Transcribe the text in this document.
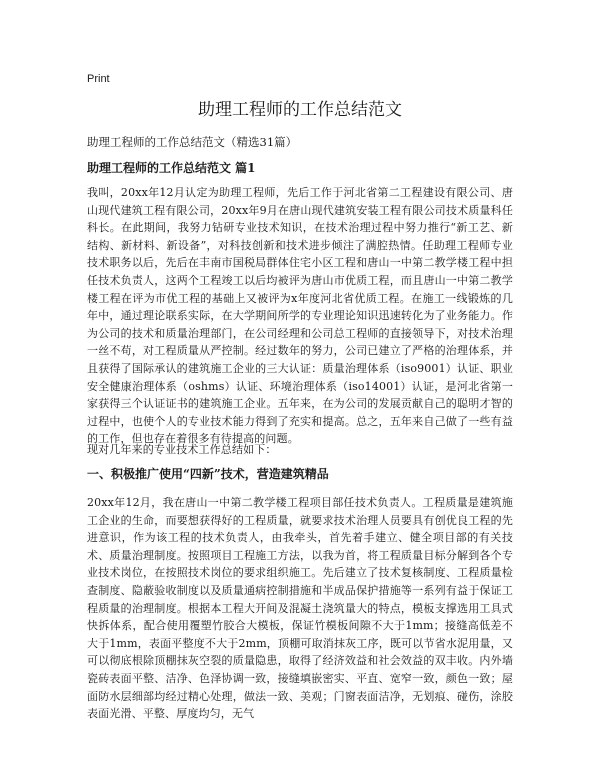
Print
助理工程师的工作总结范文
助理工程师的工作总结范文（精选31篇）
助理工程师的工作总结范文 篇1

我叫，20xx年12月认定为助理工程师，先后工作于河北省第二工程建设有限公司、唐山现代建筑工程有限公司，20xx年9月在唐山现代建筑安装工程有限公司技术质量科任科长。在此期间，我努力钻研专业技术知识，在技术治理过程中努力推行“新工艺、新结构、新材料、新设备”，对科技创新和技术进步倾注了满腔热情。任助理工程师专业技术职务以后，先后在丰南市国税局群体住宅小区工程和唐山一中第二教学楼工程中担任技术负责人，这两个工程竣工以后均被评为唐山市优质工程，而且唐山一中第二教学楼工程在评为市优工程的基础上又被评为x年度河北省优质工程。在施工一线锻炼的几年中，通过理论联系实际，在大学期间所学的专业理论知识迅速转化为了业务能力。作为公司的技术和质量治理部门，在公司经理和公司总工程师的直接领导下，对技术治理一丝不苟，对工程质量从严控制。经过数年的努力，公司已建立了严格的治理体系，并且获得了国际承认的建筑施工企业的三大认证：质量治理体系（iso9001）认证、职业安全健康治理体系（oshms）认证、环境治理体系（iso14001）认证，是河北省第一家获得三个认证证书的建筑施工企业。五年来，在为公司的发展贡献自己的聪明才智的过程中，也使个人的专业技术能力得到了充实和提高。总之，五年来自己做了一些有益的工作，但也存在着很多有待提高的问题。

现对几年来的专业技术工作总结如下：

一、积极推广使用“四新”技术，营造建筑精品

20xx年12月，我在唐山一中第二教学楼工程项目部任技术负责人。工程质量是建筑施工企业的生命，而要想获得好的工程质量，就要求技术治理人员要具有创优良工程的先进意识，作为该工程的技术负责人，由我牵头，首先着手建立、健全项目部的有关技术、质量治理制度。按照项目工程施工方法，以我为首，将工程质量目标分解到各个专业技术岗位，在按照技术岗位的要求组织施工。先后建立了技术复核制度、工程质量检查制度、隐蔽验收制度以及质量通病控制措施和半成品保护措施等一系列有益于保证工程质量的治理制度。根据本工程大开间及混凝土浇筑量大的特点，模板支撑选用工具式快拆体系，配合使用覆塑竹胶合大模板，保证竹模板间隙不大于1mm；接缝高低差不大于1mm，表面平整度不大于2mm，顶棚可取消抹灰工序，既可以节省水泥用量，又可以彻底根除顶棚抹灰空裂的质量隐患，取得了经济效益和社会效益的双丰收。内外墙瓷砖表面平整、洁净、色泽协调一致，接缝填嵌密实、平直、宽窄一致，颜色一致；屋面防水层细部均经过精心处理，做法一致、美观；门窗表面洁净，无划痕、碰伤，涂胶表面光滑、平整、厚度均匀，无气
